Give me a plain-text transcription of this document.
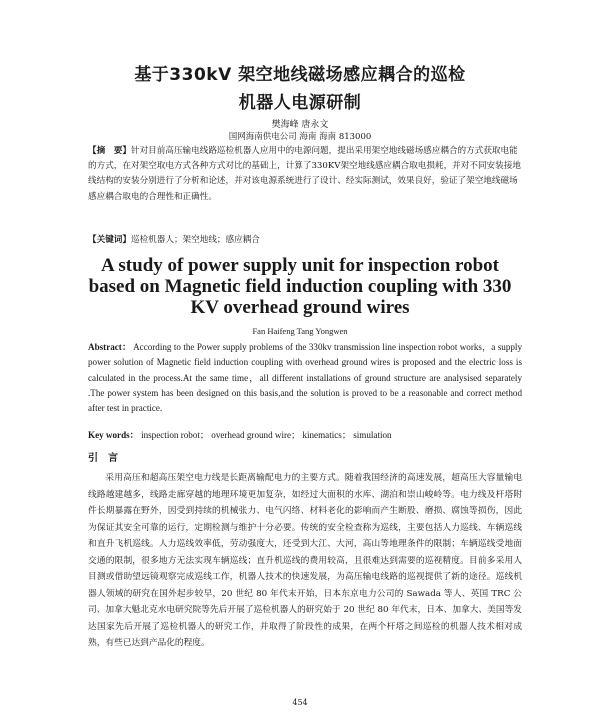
基于330kV 架空地线磁场感应耦合的巡检
机器人电源研制
樊海峰 唐永文
国网海南供电公司 海南 海南 813000
【摘　要】针对目前高压输电线路巡检机器人应用中的电源问题，提出采用架空地线磁场感应耦合的方式获取电能的方式，在对架空取电方式各种方式对比的基础上，计算了330KV架空地线感应耦合取电损耗，并对不同安装接地线结构的安装分别进行了分析和论述，并对该电源系统进行了设计、经实际测试，效果良好，验证了架空地线磁场感应耦合取电的合理性和正确性。
【关键词】巡检机器人；架空地线；感应耦合
A study of power supply unit for inspection robot
based on Magnetic field induction coupling with 330
KV overhead ground wires
Fan Haifeng Tang Yongwen
Abstract： According to the Power supply problems of the 330kv transmission line inspection robot works，a supply power solution of Magnetic field induction coupling with overhead ground wires is proposed and the electric loss is calculated in the process.At the same time，all different installations of ground structure are analysised separately .The power system has been designed on this basis,and the solution is proved to be a reasonable and correct method after test in practice.
Key words： inspection robot； overhead ground wire； kinematics； simulation
引　言
采用高压和超高压架空电力线是长距离输配电力的主要方式。随着我国经济的高速发展，超高压大容量输电线路越建越多，线路走廊穿越的地理环境更加复杂，如经过大面积的水库、湖泊和崇山峻岭等。电力线及杆塔附件长期暴露在野外，因受到持续的机械张力、电气闪络、材料老化的影响而产生断股、磨损、腐蚀等损伤，因此为保证其安全可靠的运行，定期检测与维护十分必要。传统的安全检查称为巡线，主要包括人力巡线、车辆巡线和直升飞机巡线。人力巡线效率低，劳动强度大，还受到大江、大河，高山等地理条件的限制；车辆巡线受地面交通的限制，很多地方无法实现车辆巡线；直升机巡线的费用较高，且很难达到需要的巡视精度。目前多采用人目测或借助望远镜观察完成巡线工作，机器人技术的快速发展，为高压输电线路的巡视提供了新的途径。巡线机器人领域的研究在国外起步较早，20 世纪 80 年代末开始，日本东京电力公司的 Sawada 等人、英国 TRC 公司、加拿大魁北克水电研究院等先后开展了巡检机器人的研究始于 20 世纪 80 年代末，日本、加拿大、美国等发达国家先后开展了巡检机器人的研究工作，并取得了阶段性的成果，在两个杆塔之间巡检的机器人技术相对成熟，有些已达到产品化的程度。
454
